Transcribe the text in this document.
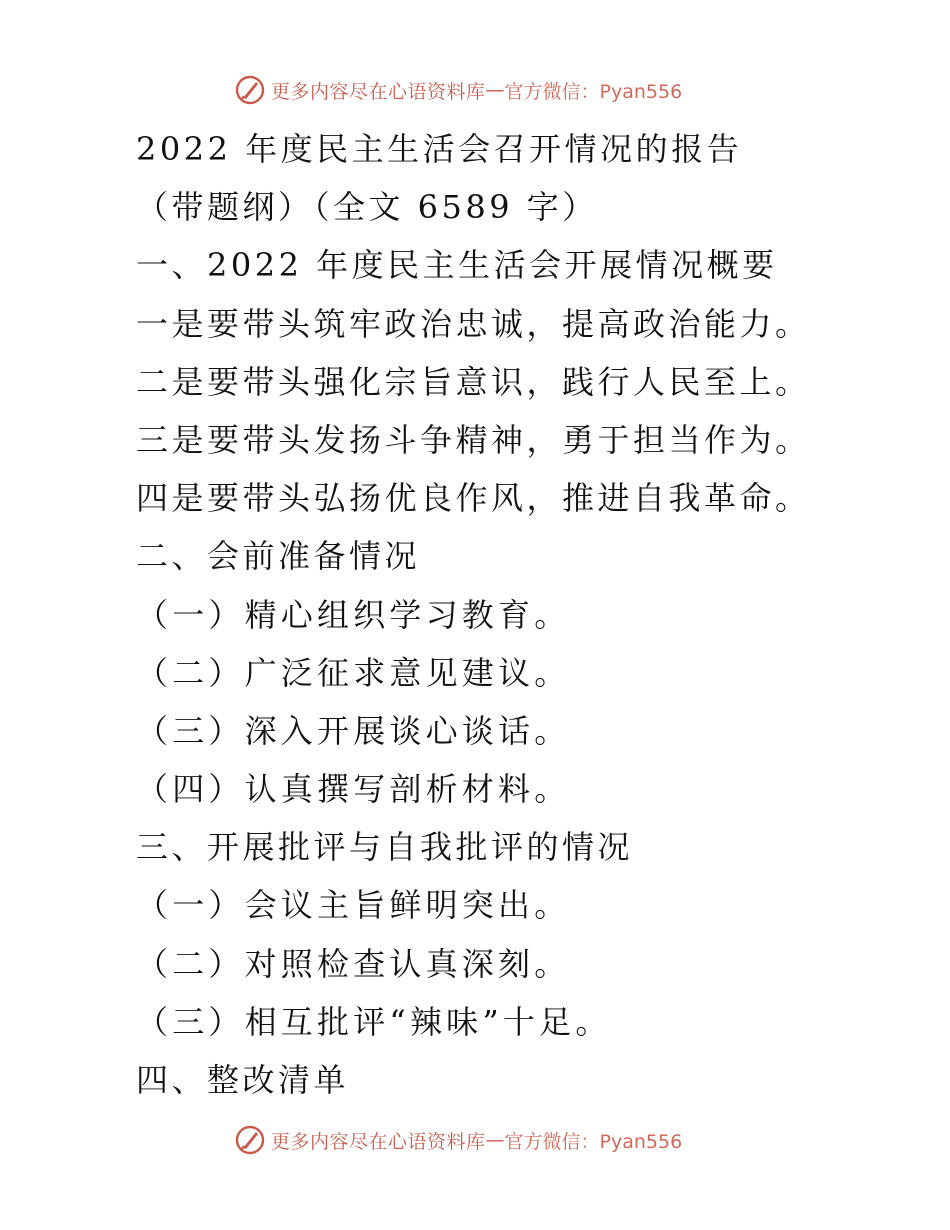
更多内容尽在心语资料库 — 官方微信：Pyan556
2022 年度民主生活会召开情况的报告
（带题纲）（全文 6589 字）
一、2022 年度民主生活会开展情况概要
一是要带头筑牢政治忠诚，提高政治能力。
二是要带头强化宗旨意识，践行人民至上。
三是要带头发扬斗争精神，勇于担当作为。
四是要带头弘扬优良作风，推进自我革命。
二、会前准备情况
（一）精心组织学习教育。
（二）广泛征求意见建议。
（三）深入开展谈心谈话。
（四）认真撰写剖析材料。
三、开展批评与自我批评的情况
（一）会议主旨鲜明突出。
（二）对照检查认真深刻。
（三）相互批评“辣味”十足。
四、整改清单
更多内容尽在心语资料库 — 官方微信：Pyan556
